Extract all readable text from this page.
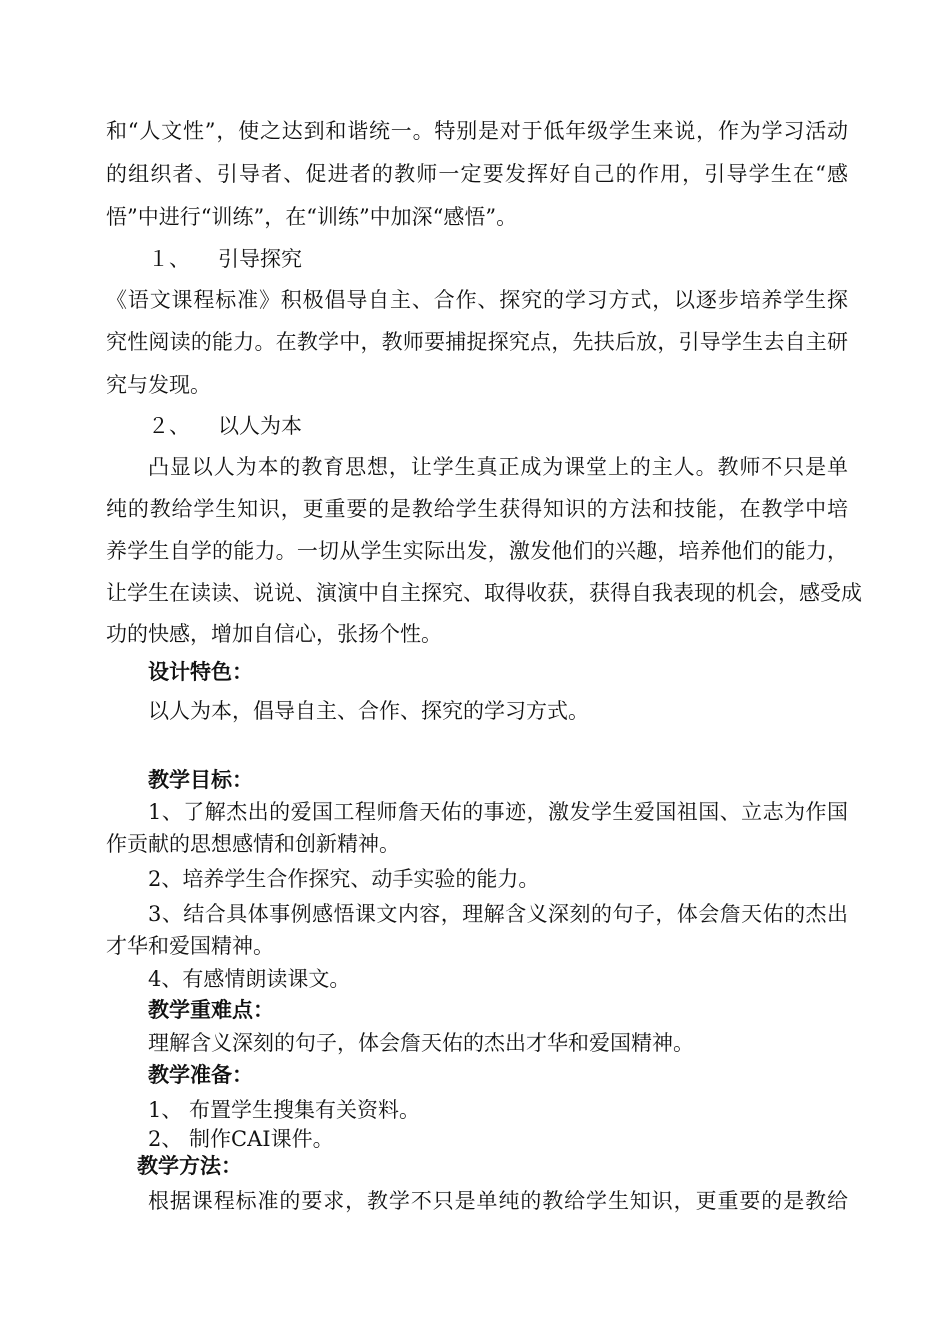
和“人文性”，使之达到和谐统一。特别是对于低年级学生来说，作为学习活动
的组织者、引导者、促进者的教师一定要发挥好自己的作用，引导学生在“感
悟”中进行“训练”，在“训练”中加深“感悟”。
１、 引导探究
《语文课程标准》积极倡导自主、合作、探究的学习方式，以逐步培养学生探
究性阅读的能力。在教学中，教师要捕捉探究点，先扶后放，引导学生去自主研
究与发现。
２、 以人为本
凸显以人为本的教育思想，让学生真正成为课堂上的主人。教师不只是单
纯的教给学生知识，更重要的是教给学生获得知识的方法和技能，在教学中培
养学生自学的能力。一切从学生实际出发，激发他们的兴趣，培养他们的能力，
让学生在读读、说说、演演中自主探究、取得收获，获得自我表现的机会，感受成
功的快感，增加自信心，张扬个性。
设计特色：
以人为本，倡导自主、合作、探究的学习方式。
教学目标：
1、了解杰出的爱国工程师詹天佑的事迹，激发学生爱国祖国、立志为作国
作贡献的思想感情和创新精神。
2、培养学生合作探究、动手实验的能力。
3、结合具体事例感悟课文内容，理解含义深刻的句子，体会詹天佑的杰出
才华和爱国精神。
4、有感情朗读课文。
教学重难点：
理解含义深刻的句子，体会詹天佑的杰出才华和爱国精神。
教学准备：
1、 布置学生搜集有关资料。
2、 制作CAI课件。
教学方法：
根据课程标准的要求，教学不只是单纯的教给学生知识，更重要的是教给
